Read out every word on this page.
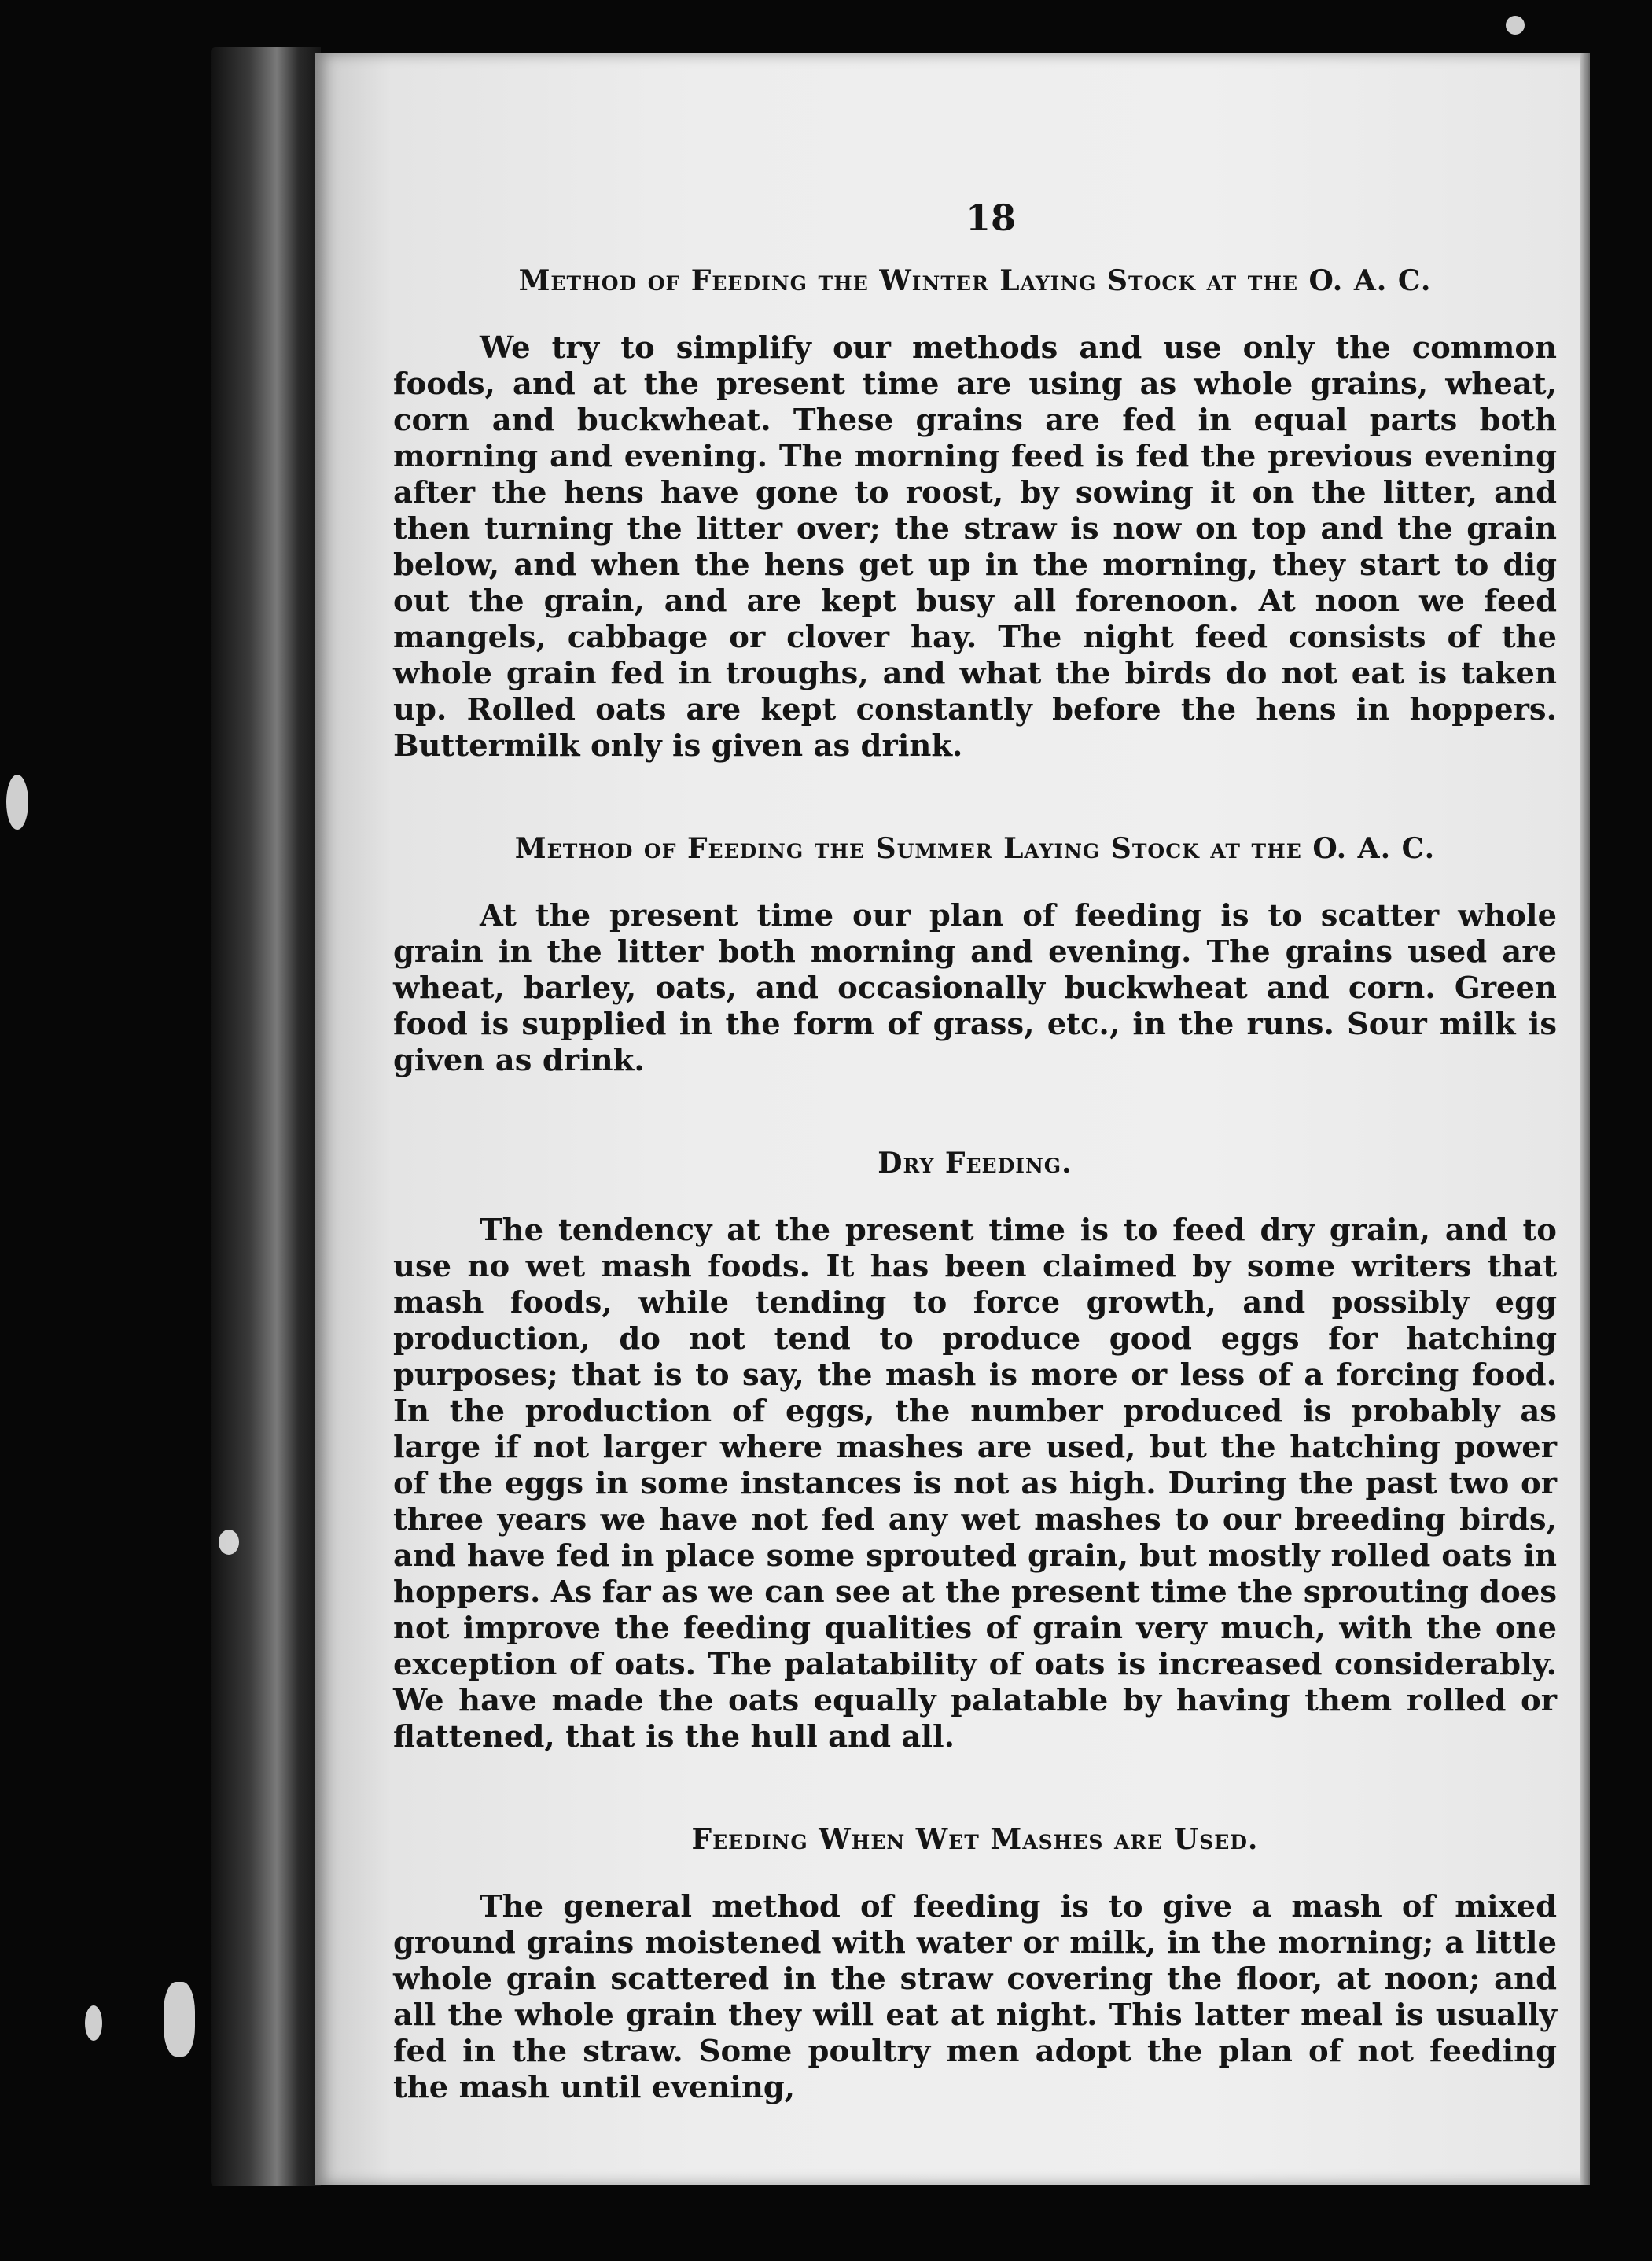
18
Method of Feeding the Winter Laying Stock at the O. A. C.

We try to simplify our methods and use only the common foods, and at the present time are using as whole grains, wheat, corn and buckwheat. These grains are fed in equal parts both morning and evening. The morning feed is fed the previous evening after the hens have gone to roost, by sowing it on the litter, and then turning the litter over; the straw is now on top and the grain below, and when the hens get up in the morning, they start to dig out the grain, and are kept busy all forenoon. At noon we feed mangels, cabbage or clover hay. The night feed consists of the whole grain fed in troughs, and what the birds do not eat is taken up. Rolled oats are kept constantly before the hens in hoppers. Buttermilk only is given as drink.

Method of Feeding the Summer Laying Stock at the O. A. C.

At the present time our plan of feeding is to scatter whole grain in the litter both morning and evening. The grains used are wheat, barley, oats, and occasionally buckwheat and corn. Green food is supplied in the form of grass, etc., in the runs. Sour milk is given as drink.

Dry Feeding.

The tendency at the present time is to feed dry grain, and to use no wet mash foods. It has been claimed by some writers that mash foods, while tending to force growth, and possibly egg production, do not tend to produce good eggs for hatching purposes; that is to say, the mash is more or less of a forcing food. In the production of eggs, the number produced is probably as large if not larger where mashes are used, but the hatching power of the eggs in some instances is not as high. During the past two or three years we have not fed any wet mashes to our breeding birds, and have fed in place some sprouted grain, but mostly rolled oats in hoppers. As far as we can see at the present time the sprouting does not improve the feeding qualities of grain very much, with the one exception of oats. The palatability of oats is increased considerably. We have made the oats equally palatable by having them rolled or flattened, that is the hull and all.

Feeding When Wet Mashes are Used.

The general method of feeding is to give a mash of mixed ground grains moistened with water or milk, in the morning; a little whole grain scattered in the straw covering the floor, at noon; and all the whole grain they will eat at night. This latter meal is usually fed in the straw. Some poultry men adopt the plan of not feeding the mash until evening,
